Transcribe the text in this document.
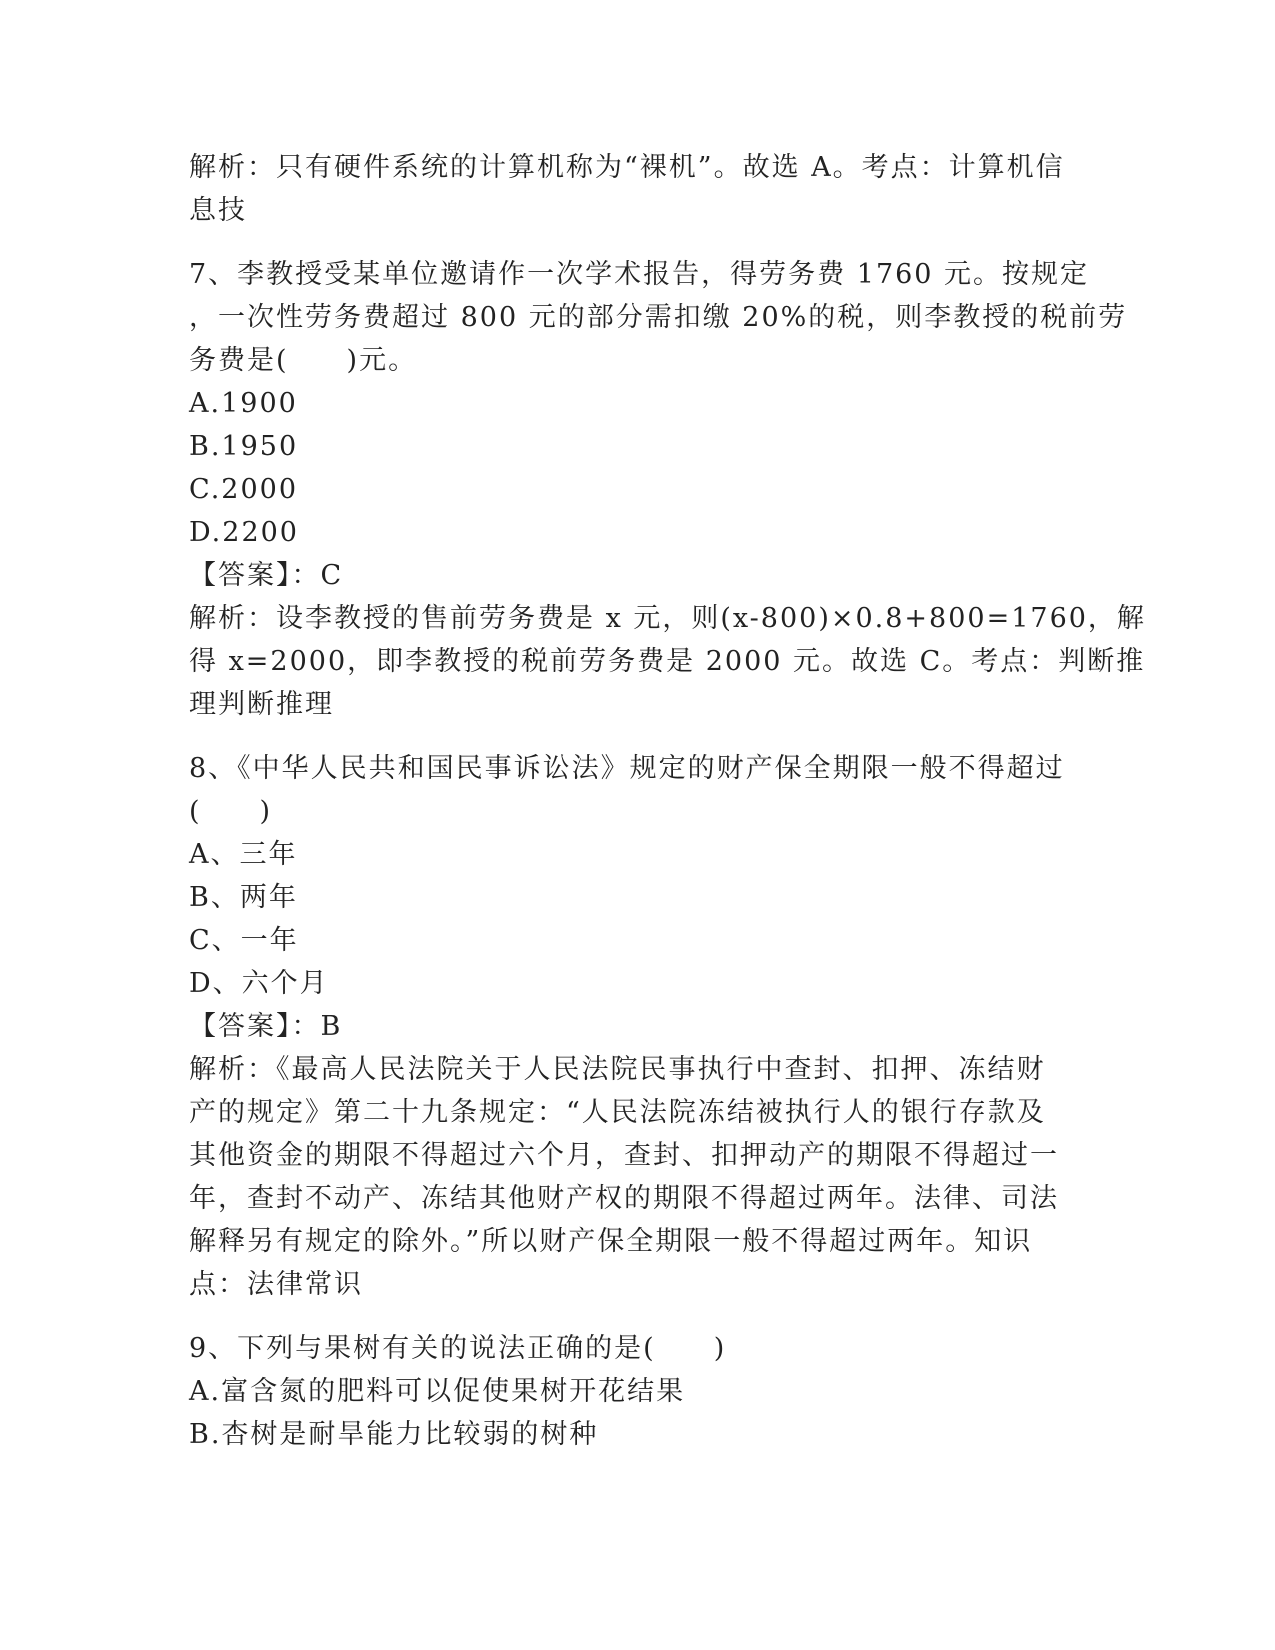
解析：只有硬件系统的计算机称为“裸机”。故选 A。考点：计算机信
息技
7、李教授受某单位邀请作一次学术报告，得劳务费 1760 元。按规定
，一次性劳务费超过 800 元的部分需扣缴 20%的税，则李教授的税前劳
务费是(　　)元。
A.1900
B.1950
C.2000
D.2200
【答案】：C
解析：设李教授的售前劳务费是 x 元，则(x-800)×0.8+800=1760，解
得 x=2000，即李教授的税前劳务费是 2000 元。故选 C。考点：判断推
理判断推理
8、《中华人民共和国民事诉讼法》规定的财产保全期限一般不得超过
(　　)
A、三年
B、两年
C、一年
D、六个月
【答案】：B
解析：《最高人民法院关于人民法院民事执行中查封、扣押、冻结财
产的规定》第二十九条规定：“人民法院冻结被执行人的银行存款及
其他资金的期限不得超过六个月，查封、扣押动产的期限不得超过一
年，查封不动产、冻结其他财产权的期限不得超过两年。法律、司法
解释另有规定的除外。”所以财产保全期限一般不得超过两年。知识
点：法律常识
9、下列与果树有关的说法正确的是(　　)
A.富含氮的肥料可以促使果树开花结果
B.杏树是耐旱能力比较弱的树种
